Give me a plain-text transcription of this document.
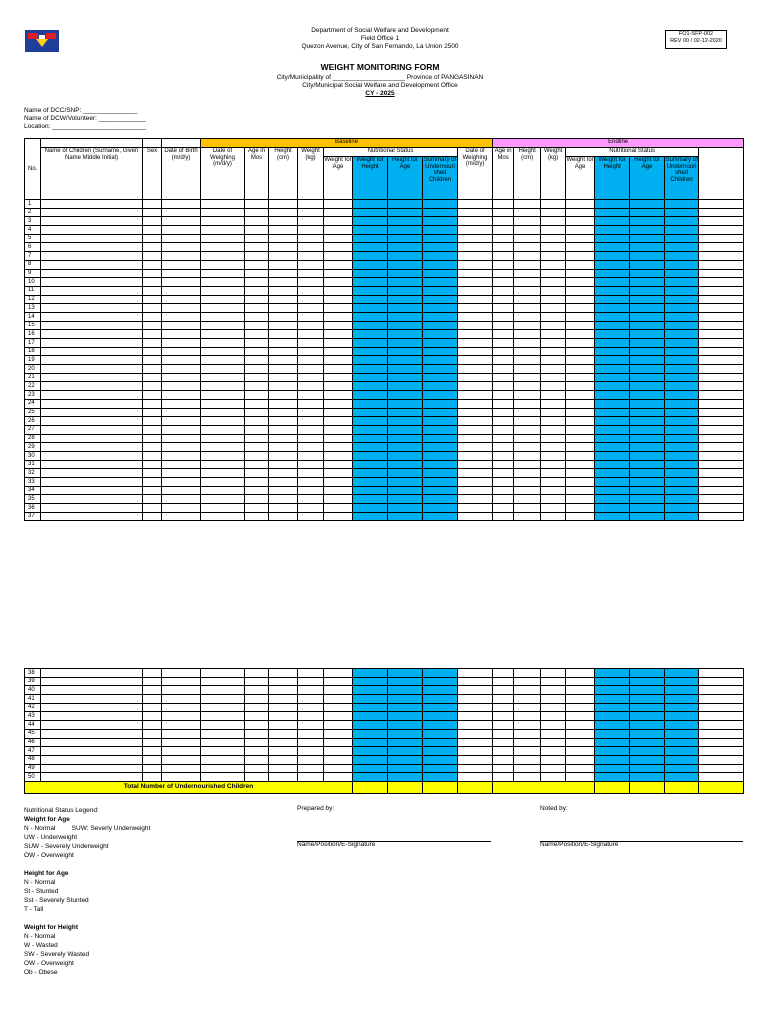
Department of Social Welfare and Development
Field Office 1
Quezon Avenue, City of San Fernando, La Union 2500
FO1-SFP-002
REV 00 / 02-12-2020
WEIGHT MONITORING FORM
City/Municipality of ____________________ Province of PANGASINAN
City/Municipal Social Welfare and Development Office
CY - 2025
Name of DCC/SNP: _______________
Name of DCW/Volunteer: _____________
Location: __________________________
No.				Baseline									Endline	
	Name of Children (Surname, Given Name Middle Initial)	Sex	Date of Birth (m/d/y)	Date of Weighing (m/d/y)	Age in Mos	Height (cm)	Weight (kg)	Nutritional Status				Date of Weighing (m/d/y)	Age in Mos	Height (cm)	Weight (kg)	Nutritional Status					
								Weight for Age	Weight for Height	Height for Age	Summary of Undernouri shed Children					Weight for Age	Weight for Height	Height for Age	Summary of Undernouri shed Children		
1																					
2																					
3																					
4																					
5																					
6																					
7																					
8																					
9																					
10																					
11																					
12																					
13																					
14																					
15																					
16																					
17																					
18																					
19																					
20																					
21																					
22																					
23																					
24																					
25																					
26																					
27																					
28																					
29																					
30																					
31																					
32																					
33																					
34																					
35																					
36																					
37																					
38																				
39																				
40																				
41																				
42																				
43																				
44																				
45																				
46																				
47																				
48																				
49																				
50																				
Total Number of Undernourished Children																				
Nutritional Status Legend:
Weight for Age
N - Normal         SUW: Severly Underweight
UW - Underweight
SUW - Severely Underweight
OW - Overweight
Height for Age
N - Normal
St - Stunted
Sst - Severely Stunted
T - Tall
Weight for Height
N - Normal
W - Wasted
SW - Severely Wasted
OW - Overweight
Ob - Obese
Prepared by:
Name/Position/E-Signature
Noted by:
Name/Position/E-Signature
